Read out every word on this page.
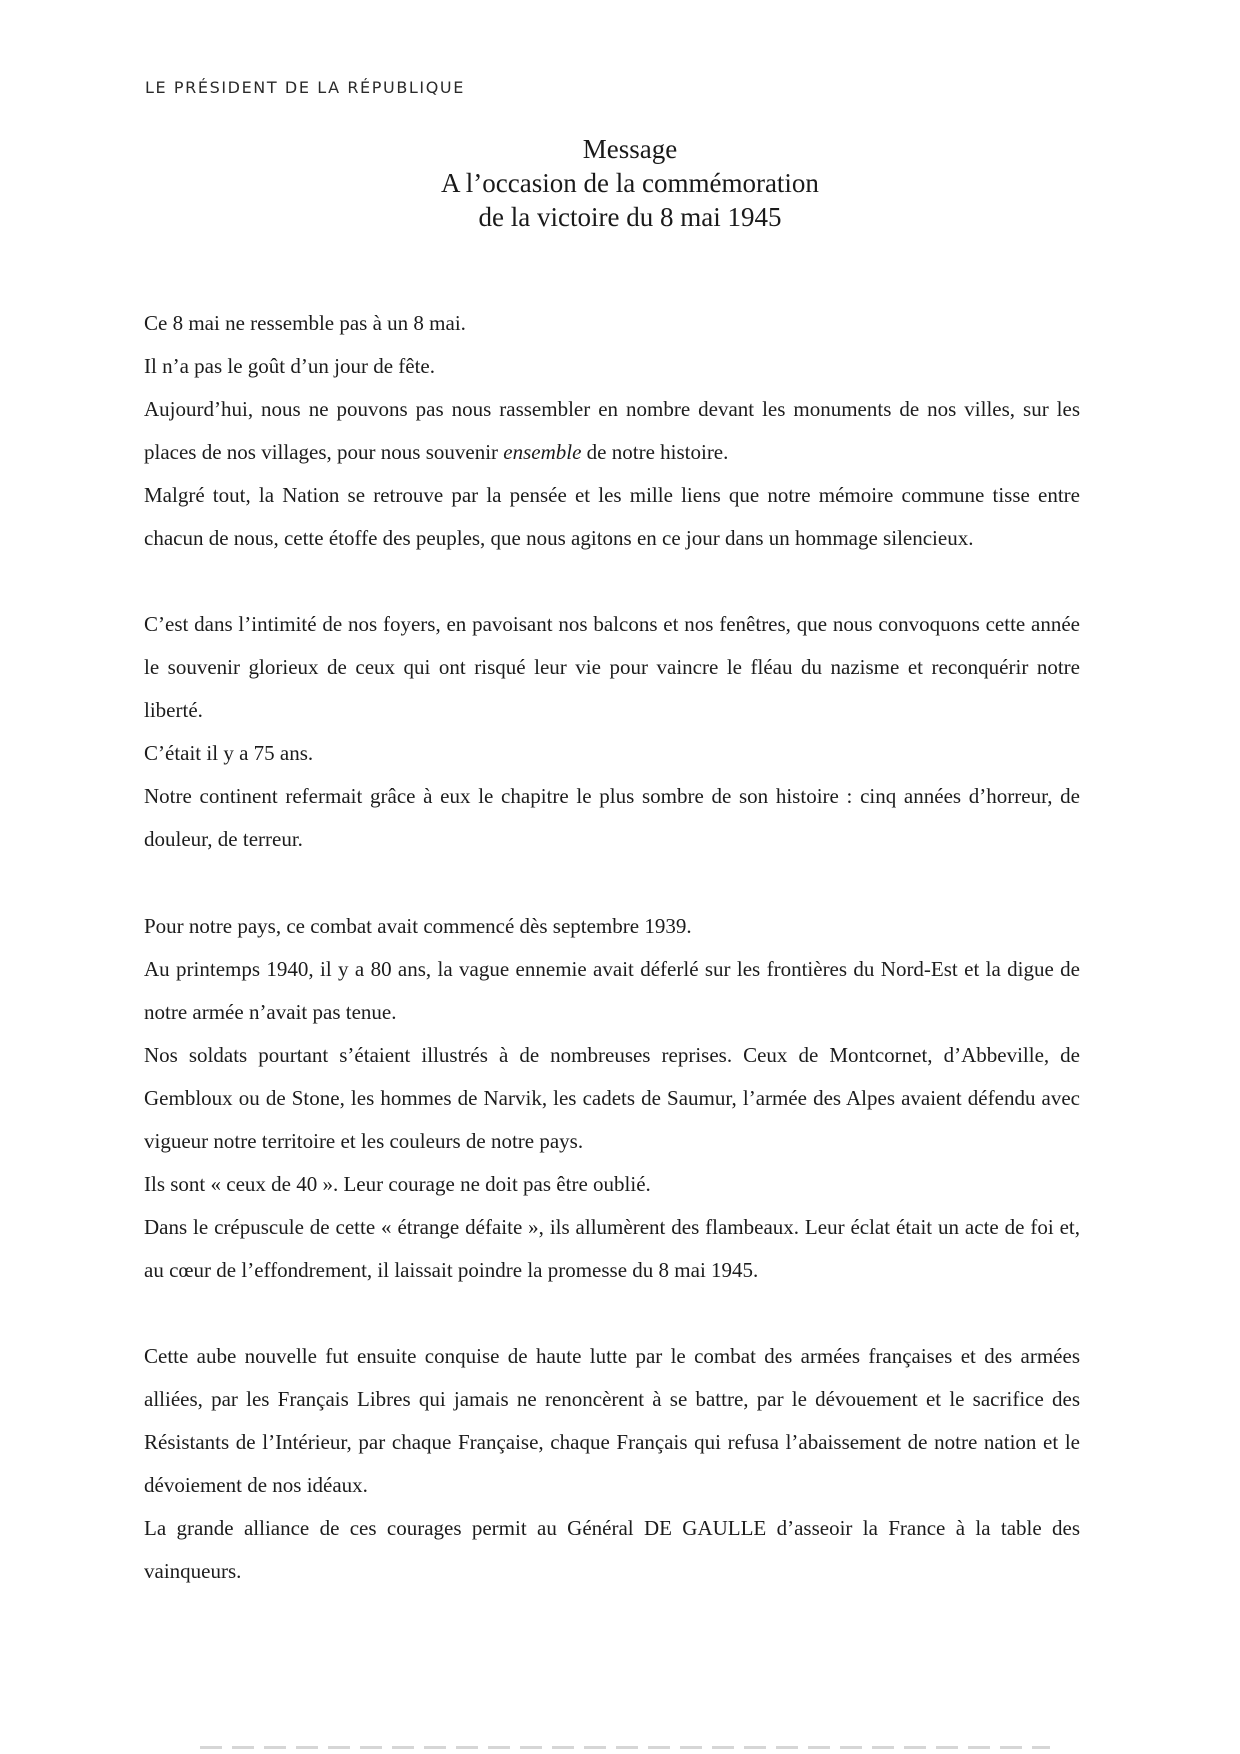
LE PRÉSIDENT DE LA RÉPUBLIQUE
Message
A l’occasion de la commémoration
de la victoire du 8 mai 1945

Ce 8 mai ne ressemble pas à un 8 mai.

Il n’a pas le goût d’un jour de fête.

Aujourd’hui, nous ne pouvons pas nous rassembler en nombre devant les monuments de nos villes, sur les places de nos villages, pour nous souvenir ensemble de notre histoire.

Malgré tout, la Nation se retrouve par la pensée et les mille liens que notre mémoire commune tisse entre chacun de nous, cette étoffe des peuples, que nous agitons en ce jour dans un hommage silencieux.

C’est dans l’intimité de nos foyers, en pavoisant nos balcons et nos fenêtres, que nous convoquons cette année le souvenir glorieux de ceux qui ont risqué leur vie pour vaincre le fléau du nazisme et reconquérir notre liberté.

C’était il y a 75 ans.

Notre continent refermait grâce à eux le chapitre le plus sombre de son histoire : cinq années d’horreur, de douleur, de terreur.

Pour notre pays, ce combat avait commencé dès septembre 1939.

Au printemps 1940, il y a 80 ans, la vague ennemie avait déferlé sur les frontières du Nord-Est et la digue de notre armée n’avait pas tenue.

Nos soldats pourtant s’étaient illustrés à de nombreuses reprises. Ceux de Montcornet, d’Abbeville, de Gembloux ou de Stone, les hommes de Narvik, les cadets de Saumur, l’armée des Alpes avaient défendu avec vigueur notre territoire et les couleurs de notre pays.

Ils sont « ceux de 40 ». Leur courage ne doit pas être oublié.

Dans le crépuscule de cette « étrange défaite », ils allumèrent des flambeaux. Leur éclat était un acte de foi et, au cœur de l’effondrement, il laissait poindre la promesse du 8 mai 1945.

Cette aube nouvelle fut ensuite conquise de haute lutte par le combat des armées françaises et des armées alliées, par les Français Libres qui jamais ne renoncèrent à se battre, par le dévouement et le sacrifice des Résistants de l’Intérieur, par chaque Française, chaque Français qui refusa l’abaissement de notre nation et le dévoiement de nos idéaux.

La grande alliance de ces courages permit au Général DE GAULLE d’asseoir la France à la table des vainqueurs.
